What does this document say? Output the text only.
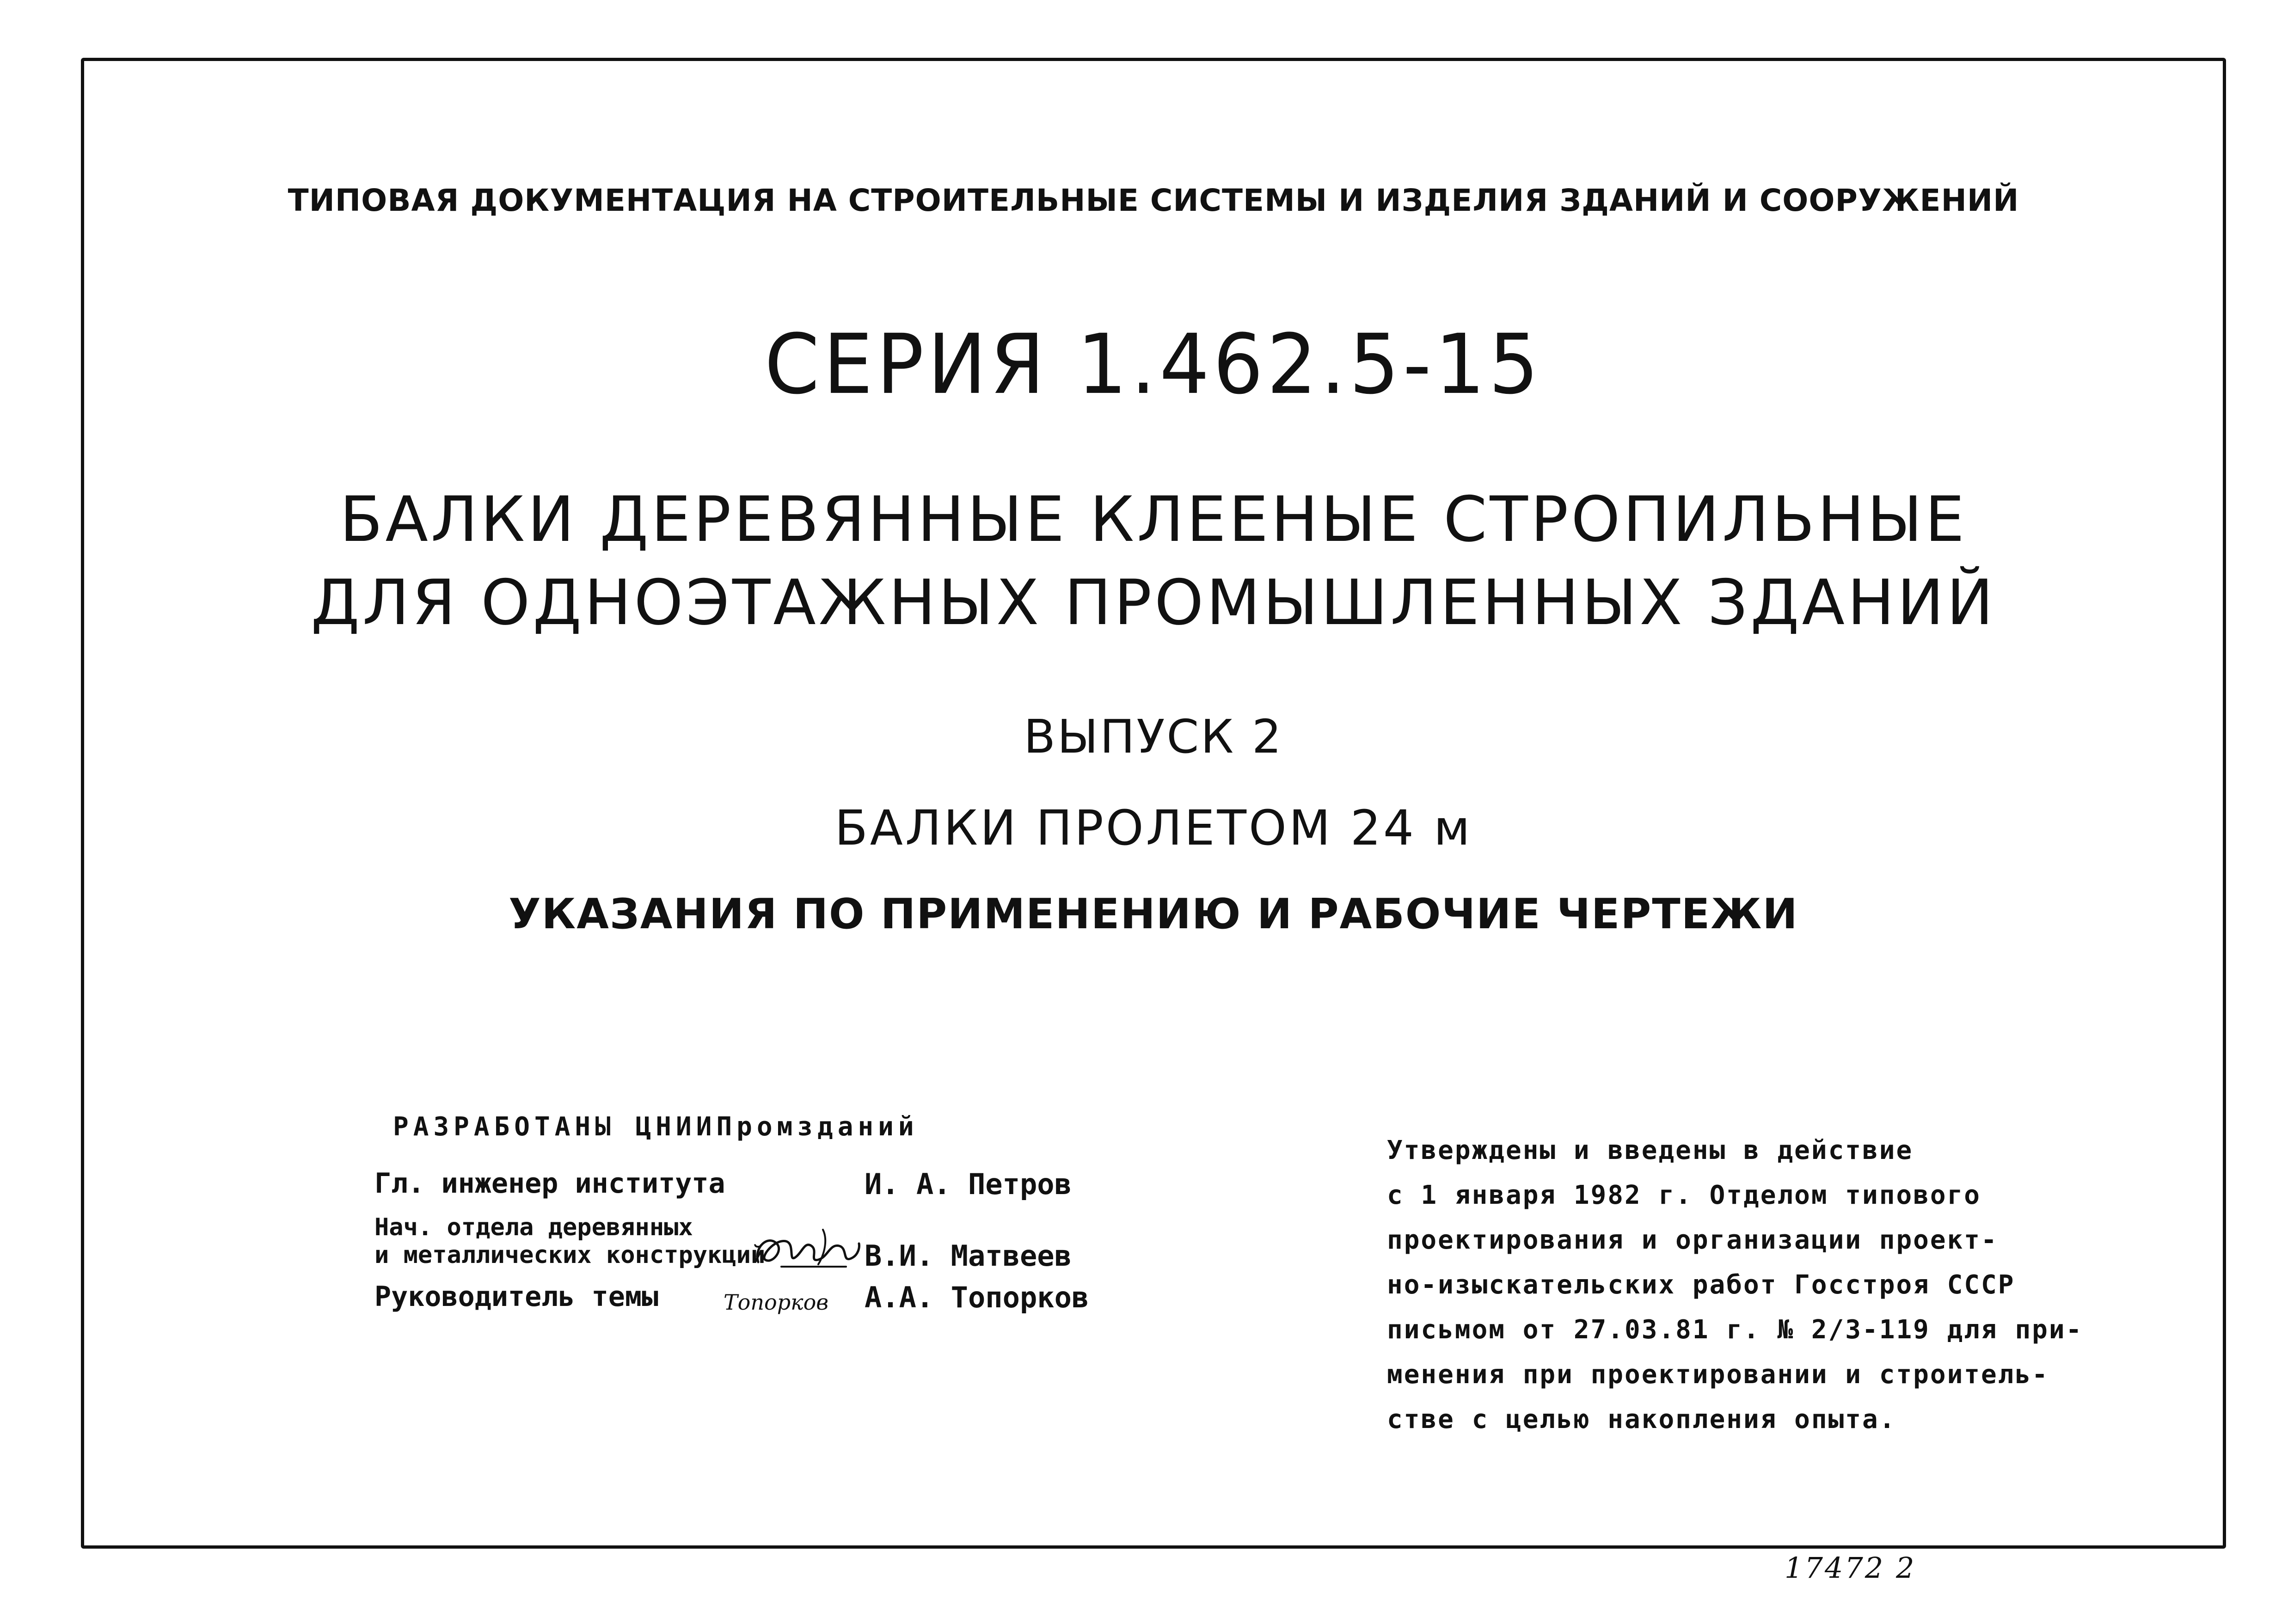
ТИПОВАЯ ДОКУМЕНТАЦИЯ НА СТРОИТЕЛЬНЫЕ СИСТЕМЫ И ИЗДЕЛИЯ ЗДАНИЙ И СООРУЖЕНИЙ
СЕРИЯ 1.462.5-15
БАЛКИ ДЕРЕВЯННЫЕ КЛЕЕНЫЕ СТРОПИЛЬНЫЕ
ДЛЯ ОДНОЭТАЖНЫХ ПРОМЫШЛЕННЫХ ЗДАНИЙ
ВЫПУСК 2
БАЛКИ ПРОЛЕТОМ 24 м
УКАЗАНИЯ ПО ПРИМЕНЕНИЮ И РАБОЧИЕ ЧЕРТЕЖИ
РАЗРАБОТАНЫ ЦНИИПромзданий
Гл. инженер института	И. А. Петров
Нач. отдела деревянных
и металлических конструкций	В.И. Матвеев
Руководитель темы	Топорков А.А. Топорков
Утверждены и введены в действие
с 1 января 1982 г. Отделом типового
проектирования и организации проект-
но-изыскательских работ Госстроя СССР
письмом от 27.03.81 г. № 2/3-119 для при-
менения при проектировании и строитель-
стве с целью накопления опыта.
17472 2
